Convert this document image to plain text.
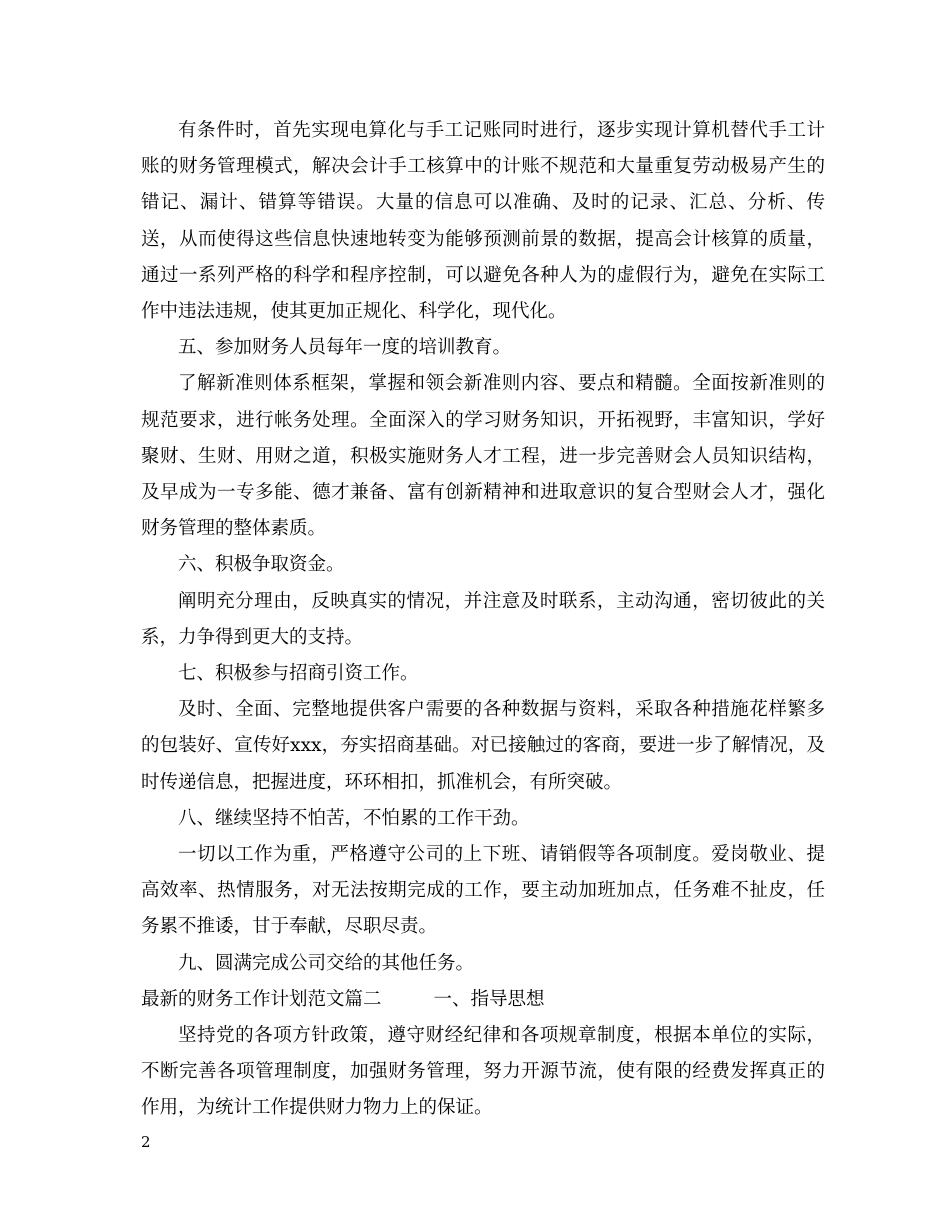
有条件时，首先实现电算化与手工记账同时进行，逐步实现计算机替代手工计账的财务管理模式，解决会计手工核算中的计账不规范和大量重复劳动极易产生的错记、漏计、错算等错误。大量的信息可以准确、及时的记录、汇总、分析、传送，从而使得这些信息快速地转变为能够预测前景的数据，提高会计核算的质量，通过一系列严格的科学和程序控制，可以避免各种人为的虚假行为，避免在实际工作中违法违规，使其更加正规化、科学化，现代化。

五、参加财务人员每年一度的培训教育。

了解新准则体系框架，掌握和领会新准则内容、要点和精髓。全面按新准则的规范要求，进行帐务处理。全面深入的学习财务知识，开拓视野，丰富知识，学好聚财、生财、用财之道，积极实施财务人才工程，进一步完善财会人员知识结构，及早成为一专多能、德才兼备、富有创新精神和进取意识的复合型财会人才，强化财务管理的整体素质。

六、积极争取资金。

阐明充分理由，反映真实的情况，并注意及时联系，主动沟通，密切彼此的关系，力争得到更大的支持。

七、积极参与招商引资工作。

及时、全面、完整地提供客户需要的各种数据与资料，采取各种措施花样繁多的包装好、宣传好xxx，夯实招商基础。对已接触过的客商，要进一步了解情况，及时传递信息，把握进度，环环相扣，抓准机会，有所突破。

八、继续坚持不怕苦，不怕累的工作干劲。

一切以工作为重，严格遵守公司的上下班、请销假等各项制度。爱岗敬业、提高效率、热情服务，对无法按期完成的工作，要主动加班加点，任务难不扯皮，任务累不推诿，甘于奉献，尽职尽责。

九、圆满完成公司交给的其他任务。

最新的财务工作计划范文篇二	一、指导思想

坚持党的各项方针政策，遵守财经纪律和各项规章制度，根据本单位的实际，不断完善各项管理制度，加强财务管理，努力开源节流，使有限的经费发挥真正的作用，为统计工作提供财力物力上的保证。

2
